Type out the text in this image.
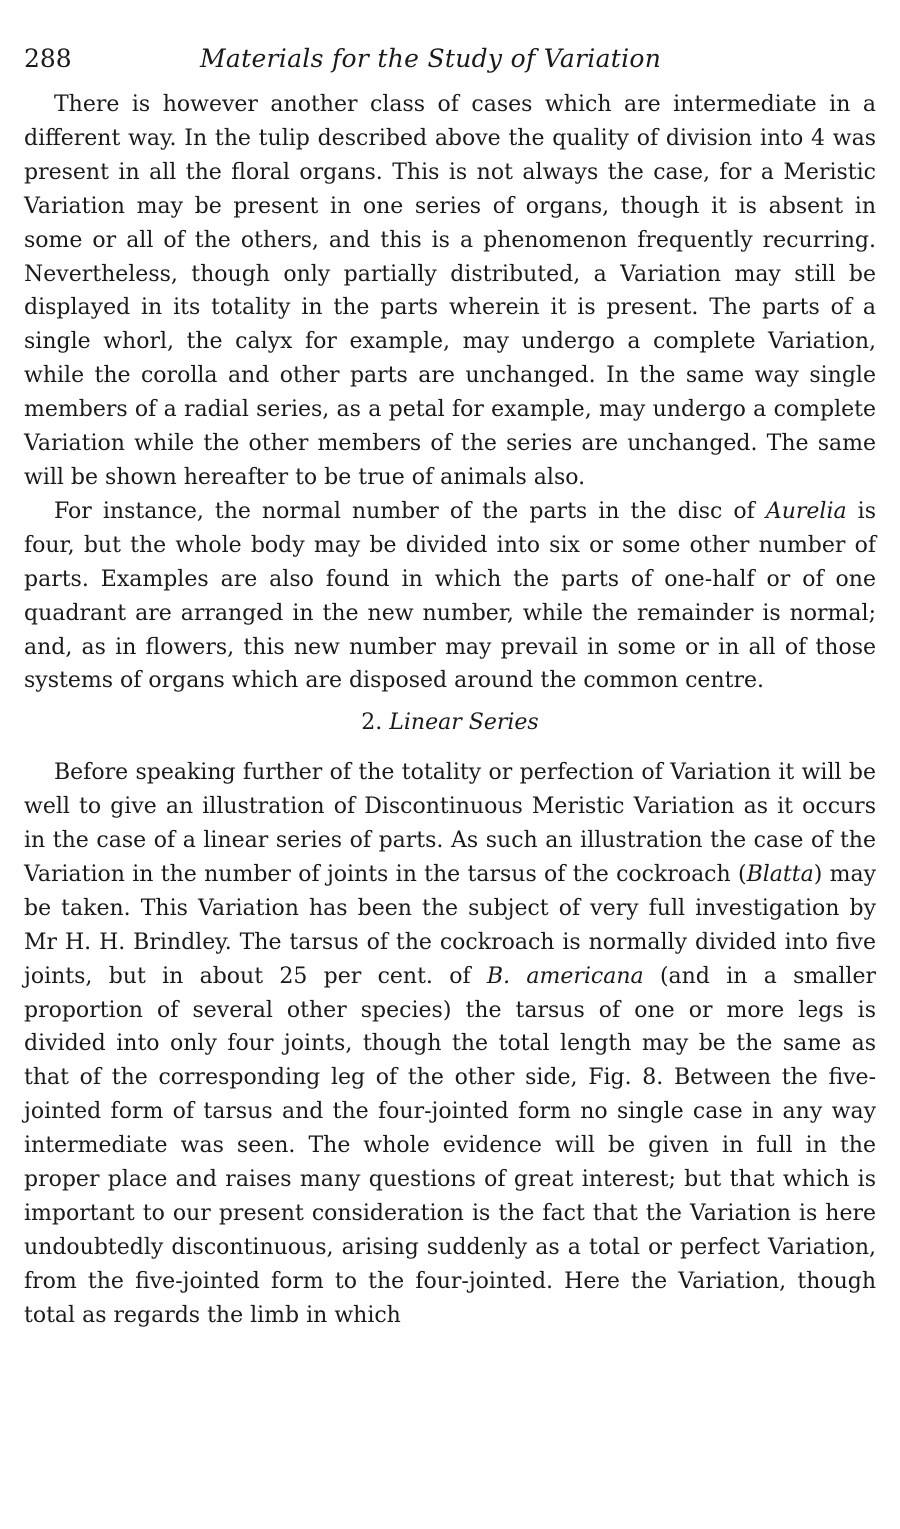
288	Materials for the Study of Variation

There is however another class of cases which are intermediate in a different way. In the tulip described above the quality of division into 4 was present in all the floral organs. This is not always the case, for a Meristic Variation may be present in one series of organs, though it is absent in some or all of the others, and this is a phenomenon frequently recurring. Nevertheless, though only partially distributed, a Variation may still be displayed in its totality in the parts wherein it is present. The parts of a single whorl, the calyx for example, may undergo a complete Variation, while the corolla and other parts are unchanged. In the same way single members of a radial series, as a petal for example, may undergo a complete Variation while the other members of the series are unchanged. The same will be shown hereafter to be true of animals also.

For instance, the normal number of the parts in the disc of Aurelia is four, but the whole body may be divided into six or some other number of parts. Examples are also found in which the parts of one-half or of one quadrant are arranged in the new number, while the remainder is normal; and, as in flowers, this new number may prevail in some or in all of those systems of organs which are disposed around the common centre.

2. Linear Series

Before speaking further of the totality or perfection of Variation it will be well to give an illustration of Discontinuous Meristic Variation as it occurs in the case of a linear series of parts. As such an illustration the case of the Variation in the number of joints in the tarsus of the cockroach (Blatta) may be taken. This Variation has been the subject of very full investigation by Mr H. H. Brindley. The tarsus of the cockroach is normally divided into five joints, but in about 25 per cent. of B. americana (and in a smaller proportion of several other species) the tarsus of one or more legs is divided into only four joints, though the total length may be the same as that of the corresponding leg of the other side, Fig. 8. Between the five-jointed form of tarsus and the four-jointed form no single case in any way intermediate was seen. The whole evidence will be given in full in the proper place and raises many questions of great interest; but that which is important to our present consideration is the fact that the Variation is here undoubtedly discontinuous, arising suddenly as a total or perfect Variation, from the five-jointed form to the four-jointed. Here the Variation, though total as regards the limb in which
